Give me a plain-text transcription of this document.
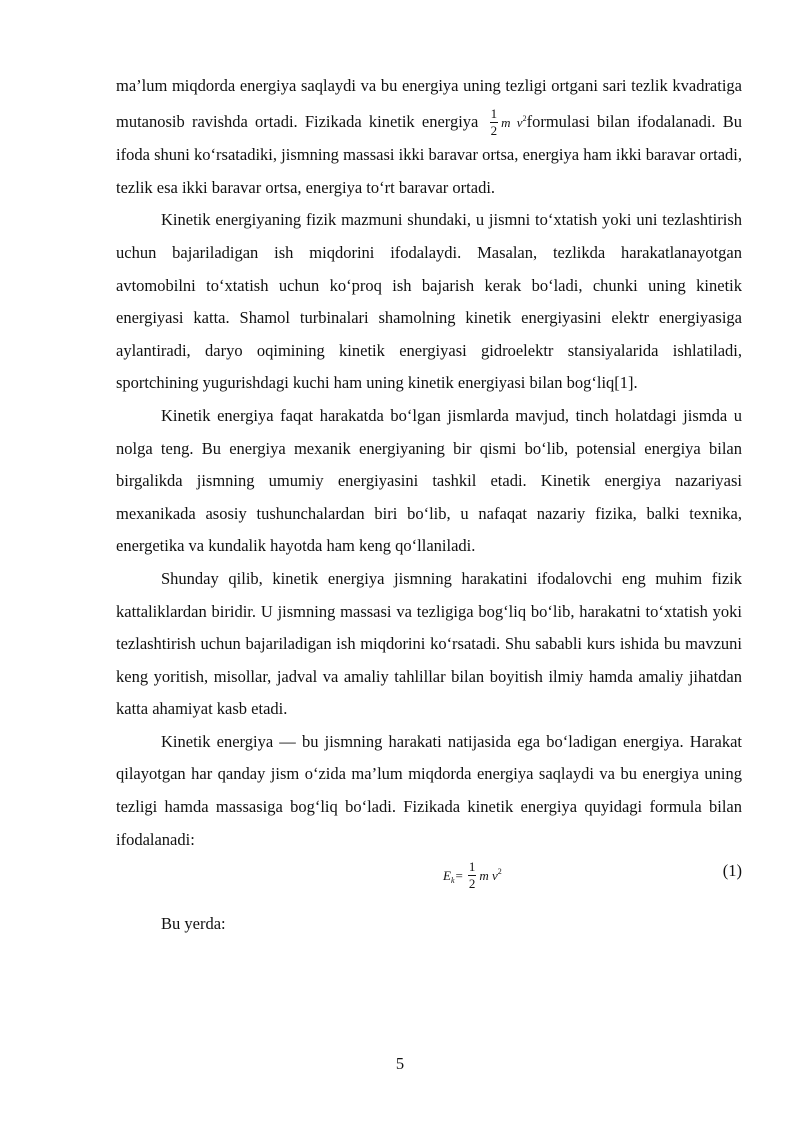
ma’lum miqdorda energiya saqlaydi va bu energiya uning tezligi ortgani sari tezlik kvadratiga mutanosib ravishda ortadi. Fizikada kinetik energiya $\frac{1}{2}$ m $v^2formulasi$ bilan ifodalanadi. Bu ifoda shuni ko‘rsatadiki, jismning massasi ikki baravar ortsa, energiya ham ikki baravar ortadi, tezlik esa ikki baravar ortsa, energiya to‘rt baravar ortadi.

Kinetik energiyaning fizik mazmuni shundaki, u jismni to‘xtatish yoki uni tezlashtirish uchun bajariladigan ish miqdorini ifodalaydi. Masalan, tezlikda harakatlanayotgan avtomobilni to‘xtatish uchun ko‘proq ish bajarish kerak bo‘ladi, chunki uning kinetik energiyasi katta. Shamol turbinalari shamolning kinetik energiyasini elektr energiyasiga aylantiradi, daryo oqimining kinetik energiyasi gidroelektr stansiyalarida ishlatiladi, sportchining yugurishdagi kuchi ham uning kinetik energiyasi bilan bog‘liq[1].

Kinetik energiya faqat harakatda bo‘lgan jismlarda mavjud, tinch holatdagi jismda u nolga teng. Bu energiya mexanik energiyaning bir qismi bo‘lib, potensial energiya bilan birgalikda jismning umumiy energiyasini tashkil etadi. Kinetik energiya nazariyasi mexanikada asosiy tushunchalardan biri bo‘lib, u nafaqat nazariy fizika, balki texnika, energetika va kundalik hayotda ham keng qo‘llaniladi.

Shunday qilib, kinetik energiya jismning harakatini ifodalovchi eng muhim fizik kattaliklardan biridir. U jismning massasi va tezligiga bog‘liq bo‘lib, harakatni to‘xtatish yoki tezlashtirish uchun bajariladigan ish miqdorini ko‘rsatadi. Shu sababli kurs ishida bu mavzuni keng yoritish, misollar, jadval va amaliy tahlillar bilan boyitish ilmiy hamda amaliy jihatdan katta ahamiyat kasb etadi.

Kinetik energiya — bu jismning harakati natijasida ega bo‘ladigan energiya. Harakat qilayotgan har qanday jism o‘zida ma’lum miqdorda energiya saqlaydi va bu energiya uning tezligi hamda massasiga bog‘liq bo‘ladi. Fizikada kinetik energiya quyidagi formula bilan ifodalanadi:

$E_k= \frac{1}{2}$ m $v^2$	(1)

Bu yerda:

5
